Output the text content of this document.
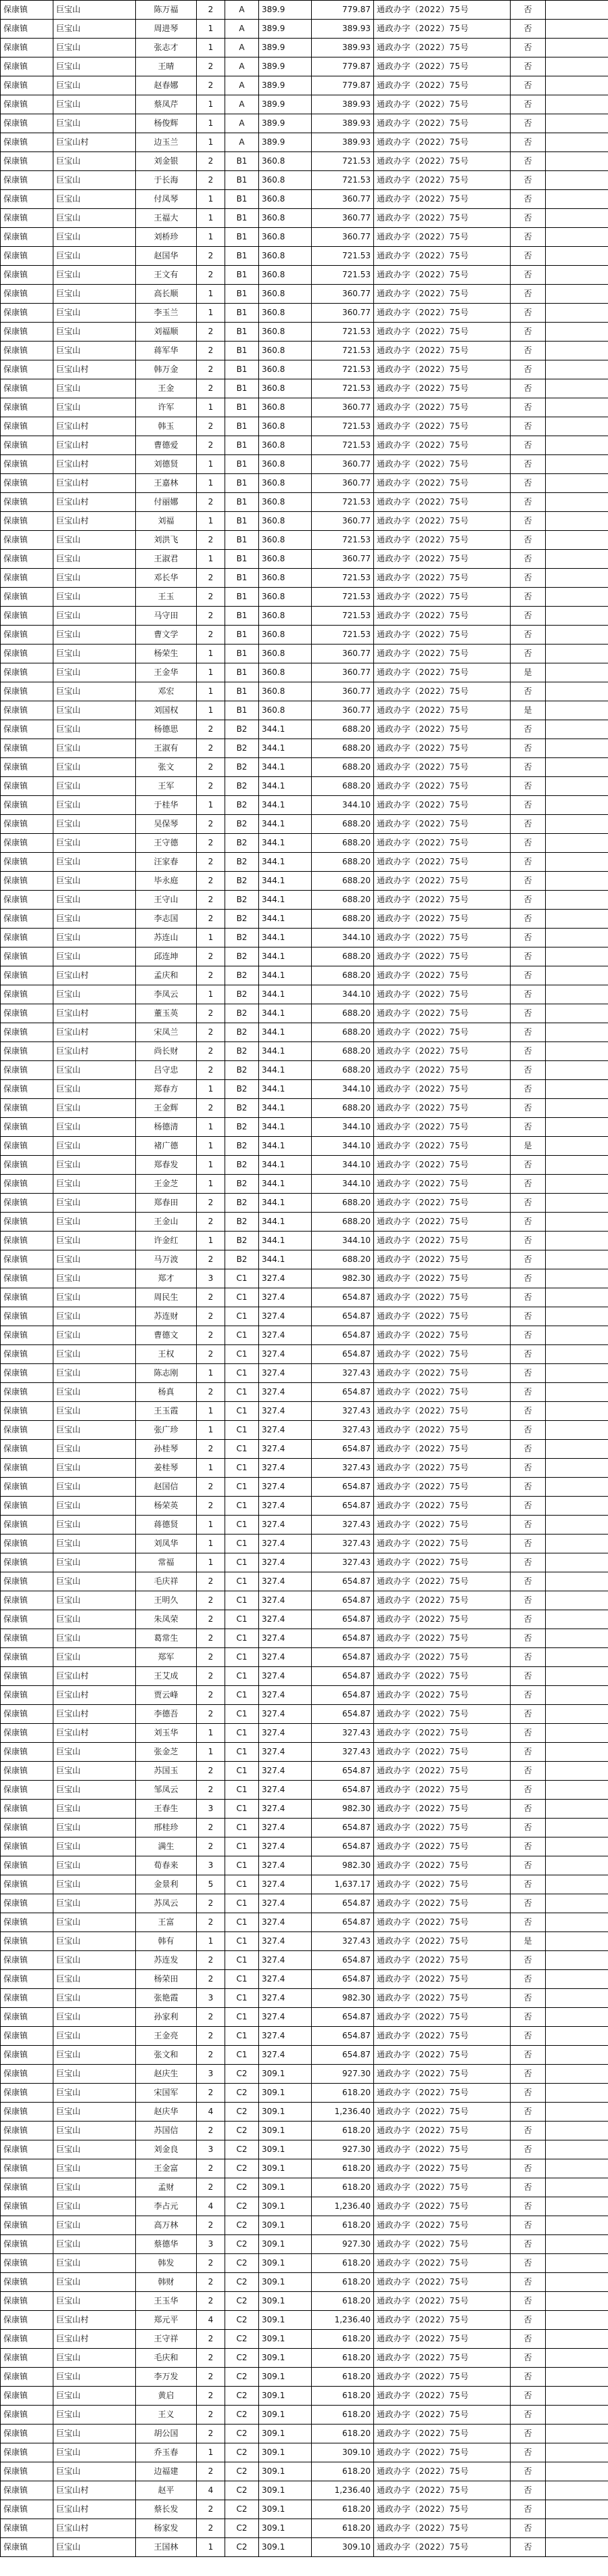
保康镇	巨宝山	陈万福	2	A	389.9	779.87	通政办字（2022）75号	否	
保康镇	巨宝山	周进琴	1	A	389.9	389.93	通政办字（2022）75号	否	
保康镇	巨宝山	张志才	1	A	389.9	389.93	通政办字（2022）75号	否	
保康镇	巨宝山	王晴	2	A	389.9	779.87	通政办字（2022）75号	否	
保康镇	巨宝山	赵春娜	2	A	389.9	779.87	通政办字（2022）75号	否	
保康镇	巨宝山	蔡凤芹	1	A	389.9	389.93	通政办字（2022）75号	否	
保康镇	巨宝山	杨俊辉	1	A	389.9	389.93	通政办字（2022）75号	否	
保康镇	巨宝山村	边玉兰	1	A	389.9	389.93	通政办字（2022）75号	否	
保康镇	巨宝山	刘金银	2	B1	360.8	721.53	通政办字（2022）75号	否	
保康镇	巨宝山	于长海	2	B1	360.8	721.53	通政办字（2022）75号	否	
保康镇	巨宝山	付凤琴	1	B1	360.8	360.77	通政办字（2022）75号	否	
保康镇	巨宝山	王福大	1	B1	360.8	360.77	通政办字（2022）75号	否	
保康镇	巨宝山	刘桥珍	1	B1	360.8	360.77	通政办字（2022）75号	否	
保康镇	巨宝山	赵国华	2	B1	360.8	721.53	通政办字（2022）75号	否	
保康镇	巨宝山	王文有	2	B1	360.8	721.53	通政办字（2022）75号	否	
保康镇	巨宝山	高长顺	1	B1	360.8	360.77	通政办字（2022）75号	否	
保康镇	巨宝山	李玉兰	1	B1	360.8	360.77	通政办字（2022）75号	否	
保康镇	巨宝山	刘福顺	2	B1	360.8	721.53	通政办字（2022）75号	否	
保康镇	巨宝山	蒋军华	2	B1	360.8	721.53	通政办字（2022）75号	否	
保康镇	巨宝山村	韩万金	2	B1	360.8	721.53	通政办字（2022）75号	否	
保康镇	巨宝山	王金	2	B1	360.8	721.53	通政办字（2022）75号	否	
保康镇	巨宝山	许军	1	B1	360.8	360.77	通政办字（2022）75号	否	
保康镇	巨宝山村	韩玉	2	B1	360.8	721.53	通政办字（2022）75号	否	
保康镇	巨宝山村	曹德爱	2	B1	360.8	721.53	通政办字（2022）75号	否	
保康镇	巨宝山村	刘德贤	1	B1	360.8	360.77	通政办字（2022）75号	否	
保康镇	巨宝山村	王嘉林	1	B1	360.8	360.77	通政办字（2022）75号	否	
保康镇	巨宝山村	付丽娜	2	B1	360.8	721.53	通政办字（2022）75号	否	
保康镇	巨宝山村	刘福	1	B1	360.8	360.77	通政办字（2022）75号	否	
保康镇	巨宝山	刘洪飞	2	B1	360.8	721.53	通政办字（2022）75号	否	
保康镇	巨宝山	王淑君	1	B1	360.8	360.77	通政办字（2022）75号	否	
保康镇	巨宝山	邓长华	2	B1	360.8	721.53	通政办字（2022）75号	否	
保康镇	巨宝山	王玉	2	B1	360.8	721.53	通政办字（2022）75号	否	
保康镇	巨宝山	马守田	2	B1	360.8	721.53	通政办字（2022）75号	否	
保康镇	巨宝山	曹文学	2	B1	360.8	721.53	通政办字（2022）75号	否	
保康镇	巨宝山	杨荣生	1	B1	360.8	360.77	通政办字（2022）75号	否	
保康镇	巨宝山	王金华	1	B1	360.8	360.77	通政办字（2022）75号	是	
保康镇	巨宝山	邓宏	1	B1	360.8	360.77	通政办字（2022）75号	否	
保康镇	巨宝山	刘国权	1	B1	360.8	360.77	通政办字（2022）75号	是	
保康镇	巨宝山	杨德思	2	B2	344.1	688.20	通政办字（2022）75号	否	
保康镇	巨宝山	王淑有	2	B2	344.1	688.20	通政办字（2022）75号	否	
保康镇	巨宝山	张文	2	B2	344.1	688.20	通政办字（2022）75号	否	
保康镇	巨宝山	王军	2	B2	344.1	688.20	通政办字（2022）75号	否	
保康镇	巨宝山	于桂华	1	B2	344.1	344.10	通政办字（2022）75号	否	
保康镇	巨宝山	吴保琴	2	B2	344.1	688.20	通政办字（2022）75号	否	
保康镇	巨宝山	王守德	2	B2	344.1	688.20	通政办字（2022）75号	否	
保康镇	巨宝山	汪家春	2	B2	344.1	688.20	通政办字（2022）75号	否	
保康镇	巨宝山	毕永庭	2	B2	344.1	688.20	通政办字（2022）75号	否	
保康镇	巨宝山	王守山	2	B2	344.1	688.20	通政办字（2022）75号	否	
保康镇	巨宝山	李志国	2	B2	344.1	688.20	通政办字（2022）75号	否	
保康镇	巨宝山	苏连山	1	B2	344.1	344.10	通政办字（2022）75号	否	
保康镇	巨宝山	邱连坤	2	B2	344.1	688.20	通政办字（2022）75号	否	
保康镇	巨宝山村	孟庆和	2	B2	344.1	688.20	通政办字（2022）75号	否	
保康镇	巨宝山	李凤云	1	B2	344.1	344.10	通政办字（2022）75号	否	
保康镇	巨宝山村	董玉英	2	B2	344.1	688.20	通政办字（2022）75号	否	
保康镇	巨宝山村	宋凤兰	2	B2	344.1	688.20	通政办字（2022）75号	否	
保康镇	巨宝山村	尚长财	2	B2	344.1	688.20	通政办字（2022）75号	否	
保康镇	巨宝山	吕守忠	2	B2	344.1	688.20	通政办字（2022）75号	否	
保康镇	巨宝山	郑春方	1	B2	344.1	344.10	通政办字（2022）75号	否	
保康镇	巨宝山	王金辉	2	B2	344.1	688.20	通政办字（2022）75号	否	
保康镇	巨宝山	杨德清	1	B2	344.1	344.10	通政办字（2022）75号	否	
保康镇	巨宝山	褚广德	1	B2	344.1	344.10	通政办字（2022）75号	是	
保康镇	巨宝山	郑春发	1	B2	344.1	344.10	通政办字（2022）75号	否	
保康镇	巨宝山	王金芝	1	B2	344.1	344.10	通政办字（2022）75号	否	
保康镇	巨宝山	郑春田	2	B2	344.1	688.20	通政办字（2022）75号	否	
保康镇	巨宝山	王金山	2	B2	344.1	688.20	通政办字（2022）75号	否	
保康镇	巨宝山	许金红	1	B2	344.1	344.10	通政办字（2022）75号	否	
保康镇	巨宝山	马万波	2	B2	344.1	688.20	通政办字（2022）75号	否	
保康镇	巨宝山	郑才	3	C1	327.4	982.30	通政办字（2022）75号	否	
保康镇	巨宝山	周民生	2	C1	327.4	654.87	通政办字（2022）75号	否	
保康镇	巨宝山	苏连财	2	C1	327.4	654.87	通政办字（2022）75号	否	
保康镇	巨宝山	曹德文	2	C1	327.4	654.87	通政办字（2022）75号	否	
保康镇	巨宝山	王权	2	C1	327.4	654.87	通政办字（2022）75号	否	
保康镇	巨宝山	陈志刚	1	C1	327.4	327.43	通政办字（2022）75号	否	
保康镇	巨宝山	杨真	2	C1	327.4	654.87	通政办字（2022）75号	否	
保康镇	巨宝山	王玉霞	1	C1	327.4	327.43	通政办字（2022）75号	否	
保康镇	巨宝山	张广珍	1	C1	327.4	327.43	通政办字（2022）75号	否	
保康镇	巨宝山	孙桂琴	2	C1	327.4	654.87	通政办字（2022）75号	否	
保康镇	巨宝山	姜桂琴	1	C1	327.4	327.43	通政办字（2022）75号	否	
保康镇	巨宝山	赵国信	2	C1	327.4	654.87	通政办字（2022）75号	否	
保康镇	巨宝山	杨荣英	2	C1	327.4	654.87	通政办字（2022）75号	否	
保康镇	巨宝山	蒋德贤	1	C1	327.4	327.43	通政办字（2022）75号	否	
保康镇	巨宝山	刘凤华	1	C1	327.4	327.43	通政办字（2022）75号	否	
保康镇	巨宝山	常福	1	C1	327.4	327.43	通政办字（2022）75号	否	
保康镇	巨宝山	毛庆祥	2	C1	327.4	654.87	通政办字（2022）75号	否	
保康镇	巨宝山	王明久	2	C1	327.4	654.87	通政办字（2022）75号	否	
保康镇	巨宝山	朱凤荣	2	C1	327.4	654.87	通政办字（2022）75号	否	
保康镇	巨宝山	葛常生	2	C1	327.4	654.87	通政办字（2022）75号	否	
保康镇	巨宝山	郑军	2	C1	327.4	654.87	通政办字（2022）75号	否	
保康镇	巨宝山村	王艾成	2	C1	327.4	654.87	通政办字（2022）75号	否	
保康镇	巨宝山村	贾云峰	2	C1	327.4	654.87	通政办字（2022）75号	否	
保康镇	巨宝山村	李德吾	2	C1	327.4	654.87	通政办字（2022）75号	否	
保康镇	巨宝山村	刘玉华	1	C1	327.4	327.43	通政办字（2022）75号	否	
保康镇	巨宝山	张金芝	1	C1	327.4	327.43	通政办字（2022）75号	否	
保康镇	巨宝山	苏国玉	2	C1	327.4	654.87	通政办字（2022）75号	否	
保康镇	巨宝山	邹凤云	2	C1	327.4	654.87	通政办字（2022）75号	否	
保康镇	巨宝山	王春生	3	C1	327.4	982.30	通政办字（2022）75号	否	
保康镇	巨宝山	邢桂珍	2	C1	327.4	654.87	通政办字（2022）75号	否	
保康镇	巨宝山	满生	2	C1	327.4	654.87	通政办字（2022）75号	否	
保康镇	巨宝山	荀春来	3	C1	327.4	982.30	通政办字（2022）75号	否	
保康镇	巨宝山	金景利	5	C1	327.4	1,637.17	通政办字（2022）75号	否	
保康镇	巨宝山	苏凤云	2	C1	327.4	654.87	通政办字（2022）75号	否	
保康镇	巨宝山	王富	2	C1	327.4	654.87	通政办字（2022）75号	否	
保康镇	巨宝山	韩有	1	C1	327.4	327.43	通政办字（2022）75号	是	
保康镇	巨宝山	苏连发	2	C1	327.4	654.87	通政办字（2022）75号	否	
保康镇	巨宝山	杨荣田	2	C1	327.4	654.87	通政办字（2022）75号	否	
保康镇	巨宝山	张艳霞	3	C1	327.4	982.30	通政办字（2022）75号	否	
保康镇	巨宝山	孙家利	2	C1	327.4	654.87	通政办字（2022）75号	否	
保康镇	巨宝山	王金亮	2	C1	327.4	654.87	通政办字（2022）75号	否	
保康镇	巨宝山	张文和	2	C1	327.4	654.87	通政办字（2022）75号	否	
保康镇	巨宝山	赵庆生	3	C2	309.1	927.30	通政办字（2022）75号	否	
保康镇	巨宝山	宋国军	2	C2	309.1	618.20	通政办字（2022）75号	否	
保康镇	巨宝山	赵庆华	4	C2	309.1	1,236.40	通政办字（2022）75号	否	
保康镇	巨宝山	苏国信	2	C2	309.1	618.20	通政办字（2022）75号	否	
保康镇	巨宝山	刘金良	3	C2	309.1	927.30	通政办字（2022）75号	否	
保康镇	巨宝山	王金富	2	C2	309.1	618.20	通政办字（2022）75号	否	
保康镇	巨宝山	孟财	2	C2	309.1	618.20	通政办字（2022）75号	否	
保康镇	巨宝山	李占元	4	C2	309.1	1,236.40	通政办字（2022）75号	否	
保康镇	巨宝山	高万林	2	C2	309.1	618.20	通政办字（2022）75号	否	
保康镇	巨宝山	蔡德华	3	C2	309.1	927.30	通政办字（2022）75号	否	
保康镇	巨宝山	韩发	2	C2	309.1	618.20	通政办字（2022）75号	否	
保康镇	巨宝山	韩财	2	C2	309.1	618.20	通政办字（2022）75号	否	
保康镇	巨宝山	王玉华	2	C2	309.1	618.20	通政办字（2022）75号	否	
保康镇	巨宝山村	郑元平	4	C2	309.1	1,236.40	通政办字（2022）75号	否	
保康镇	巨宝山村	王守祥	2	C2	309.1	618.20	通政办字（2022）75号	否	
保康镇	巨宝山	毛庆和	2	C2	309.1	618.20	通政办字（2022）75号	否	
保康镇	巨宝山	李万发	2	C2	309.1	618.20	通政办字（2022）75号	否	
保康镇	巨宝山	黄启	2	C2	309.1	618.20	通政办字（2022）75号	否	
保康镇	巨宝山	王义	2	C2	309.1	618.20	通政办字（2022）75号	否	
保康镇	巨宝山	胡公国	2	C2	309.1	618.20	通政办字（2022）75号	否	
保康镇	巨宝山	乔玉春	1	C2	309.1	309.10	通政办字（2022）75号	否	
保康镇	巨宝山	边福建	2	C2	309.1	618.20	通政办字（2022）75号	否	
保康镇	巨宝山村	赵平	4	C2	309.1	1,236.40	通政办字（2022）75号	否	
保康镇	巨宝山村	蔡长发	2	C2	309.1	618.20	通政办字（2022）75号	否	
保康镇	巨宝山村	杨家发	2	C2	309.1	618.20	通政办字（2022）75号	否	
保康镇	巨宝山	王国林	1	C2	309.1	309.10	通政办字（2022）75号	否	
